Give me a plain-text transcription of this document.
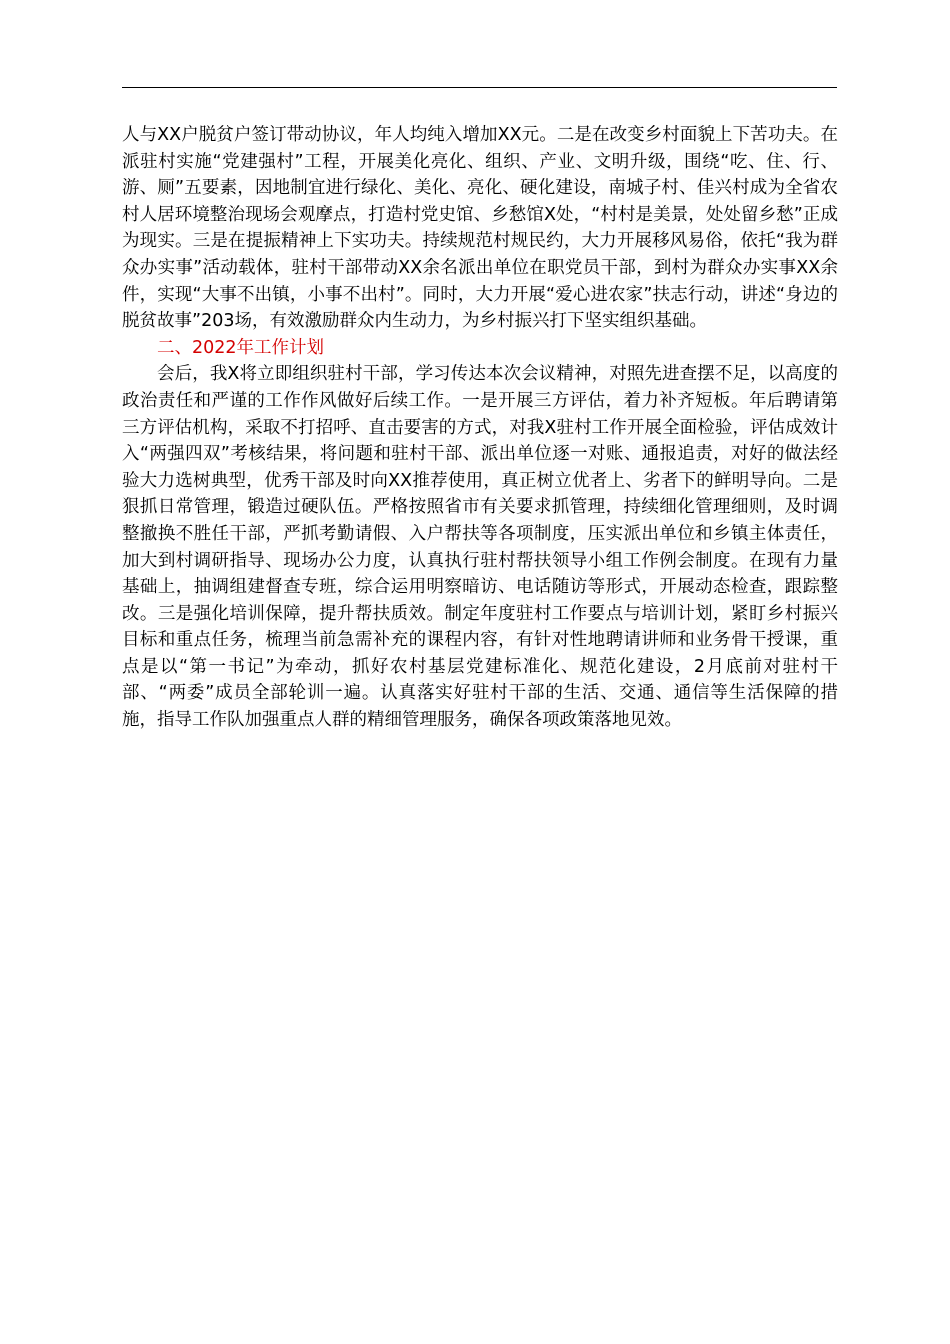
人与XX户脱贫户签订带动协议，年人均纯入增加XX元。二是在改变乡村面貌上下苦功夫。在派驻村实施“党建强村”工程，开展美化亮化、组织、产业、文明升级，围绕“吃、住、行、游、厕”五要素，因地制宜进行绿化、美化、亮化、硬化建设，南城子村、佳兴村成为全省农村人居环境整治现场会观摩点，打造村党史馆、乡愁馆X处，“村村是美景，处处留乡愁”正成为现实。三是在提振精神上下实功夫。持续规范村规民约，大力开展移风易俗，依托“我为群众办实事”活动载体，驻村干部带动XX余名派出单位在职党员干部，到村为群众办实事XX余件，实现“大事不出镇，小事不出村”。同时，大力开展“爱心进农家”扶志行动，讲述“身边的脱贫故事”203场，有效激励群众内生动力，为乡村振兴打下坚实组织基础。

二、2022年工作计划

会后，我X将立即组织驻村干部，学习传达本次会议精神，对照先进查摆不足，以高度的政治责任和严谨的工作作风做好后续工作。一是开展三方评估，着力补齐短板。年后聘请第三方评估机构，采取不打招呼、直击要害的方式，对我X驻村工作开展全面检验，评估成效计入“两强四双”考核结果，将问题和驻村干部、派出单位逐一对账、通报追责，对好的做法经验大力选树典型，优秀干部及时向XX推荐使用，真正树立优者上、劣者下的鲜明导向。二是狠抓日常管理，锻造过硬队伍。严格按照省市有关要求抓管理，持续细化管理细则，及时调整撤换不胜任干部，严抓考勤请假、入户帮扶等各项制度，压实派出单位和乡镇主体责任，加大到村调研指导、现场办公力度，认真执行驻村帮扶领导小组工作例会制度。在现有力量基础上，抽调组建督查专班，综合运用明察暗访、电话随访等形式，开展动态检查，跟踪整改。三是强化培训保障，提升帮扶质效。制定年度驻村工作要点与培训计划，紧盯乡村振兴目标和重点任务，梳理当前急需补充的课程内容，有针对性地聘请讲师和业务骨干授课，重点是以“第一书记”为牵动，抓好农村基层党建标准化、规范化建设，2月底前对驻村干部、“两委”成员全部轮训一遍。认真落实好驻村干部的生活、交通、通信等生活保障的措施，指导工作队加强重点人群的精细管理服务，确保各项政策落地见效。
